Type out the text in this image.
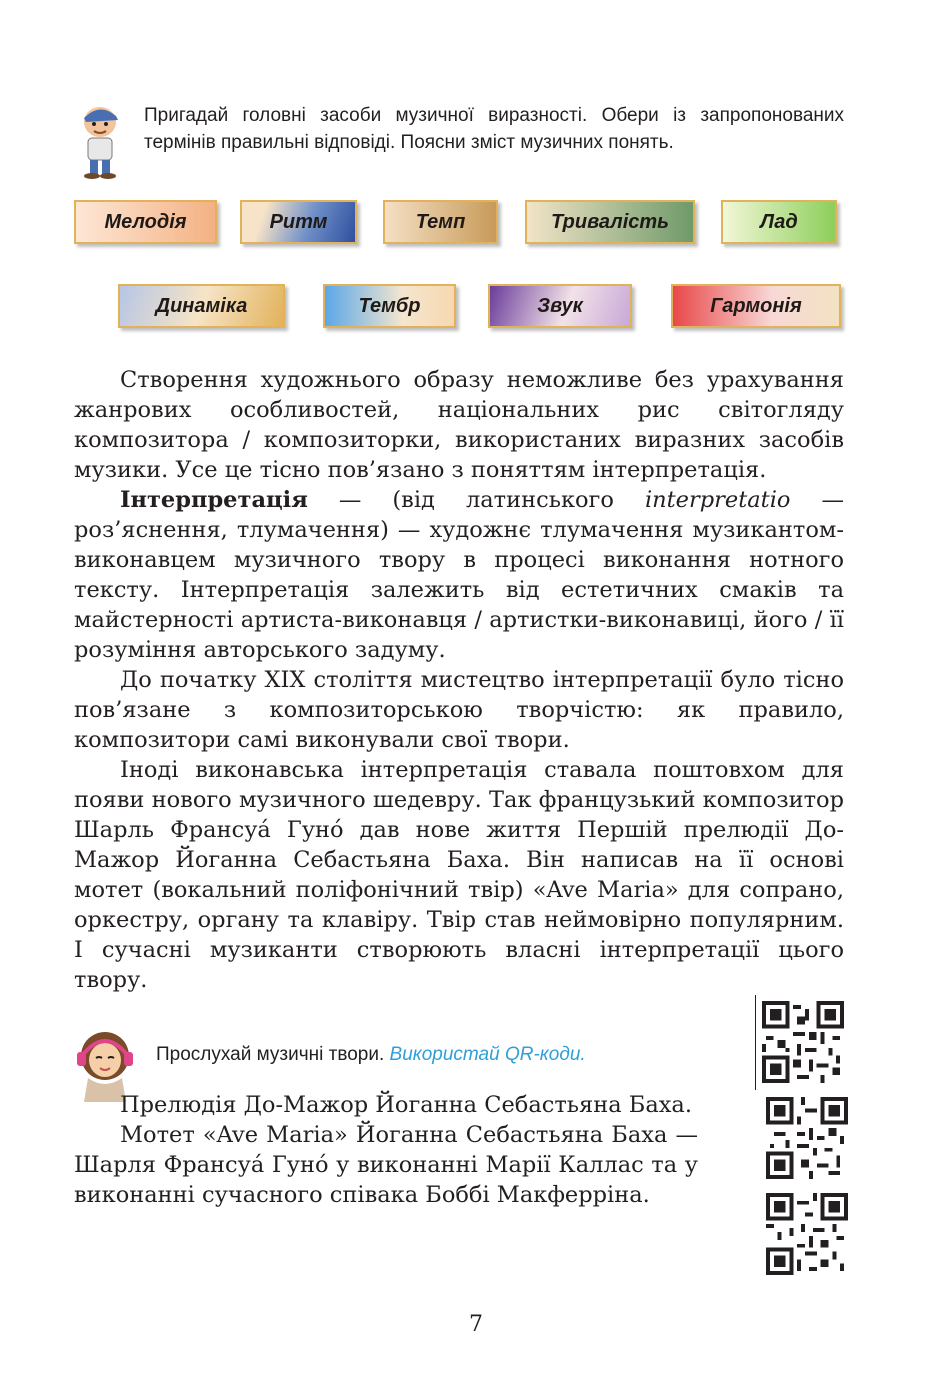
Пригадай головні засоби музичної виразності. Обери із запропонованих термінів правильні відповіді. Поясни зміст музичних понять.
Мелодія	Ритм	Темп	Тривалість	Лад
Динаміка	Тембр	Звук	Гармонія

Створення художнього образу неможливе без урахування жанрових особливостей, національних рис світогляду композитора / композиторки, використаних виразних засобів музики. Усе це тісно пов’язано з поняттям інтерпретація.

Інтерпретація — (від латинського interpretatio — роз’яснення, тлумачення) — художнє тлумачення музикантом-виконавцем музичного твору в процесі виконання нотного тексту. Інтерпретація залежить від естетичних смаків та майстерності артиста-виконавця / артистки-виконавиці, його / її розуміння авторського задуму.

До початку XIX століття мистецтво інтерпретації було тісно пов’язане з композиторською творчістю: як правило, композитори самі виконували свої твори.

Іноді виконавська інтерпретація ставала поштовхом для появи нового музичного шедевру. Так французький композитор Шарль Франсуа́ Гуно́ дав нове життя Першій прелюдії До-Мажор Йоганна Себастьяна Баха. Він написав на її основі мотет (вокальний поліфонічний твір) «Ave Maria» для сопрано, оркестру, органу та клавіру. Твір став неймовірно популярним. І сучасні музиканти створюють власні інтерпретації цього твору.

Прослухай музичні твори. Використай QR-коди.

Прелюдія До-Мажор Йоганна Себастьяна Баха.

Мотет «Ave Maria» Йоганна Себастьяна Баха — Шарля Франсуа́ Гуно́ у виконанні Марії Каллас та у виконанні сучасного співака Боббі Макферріна.

7
